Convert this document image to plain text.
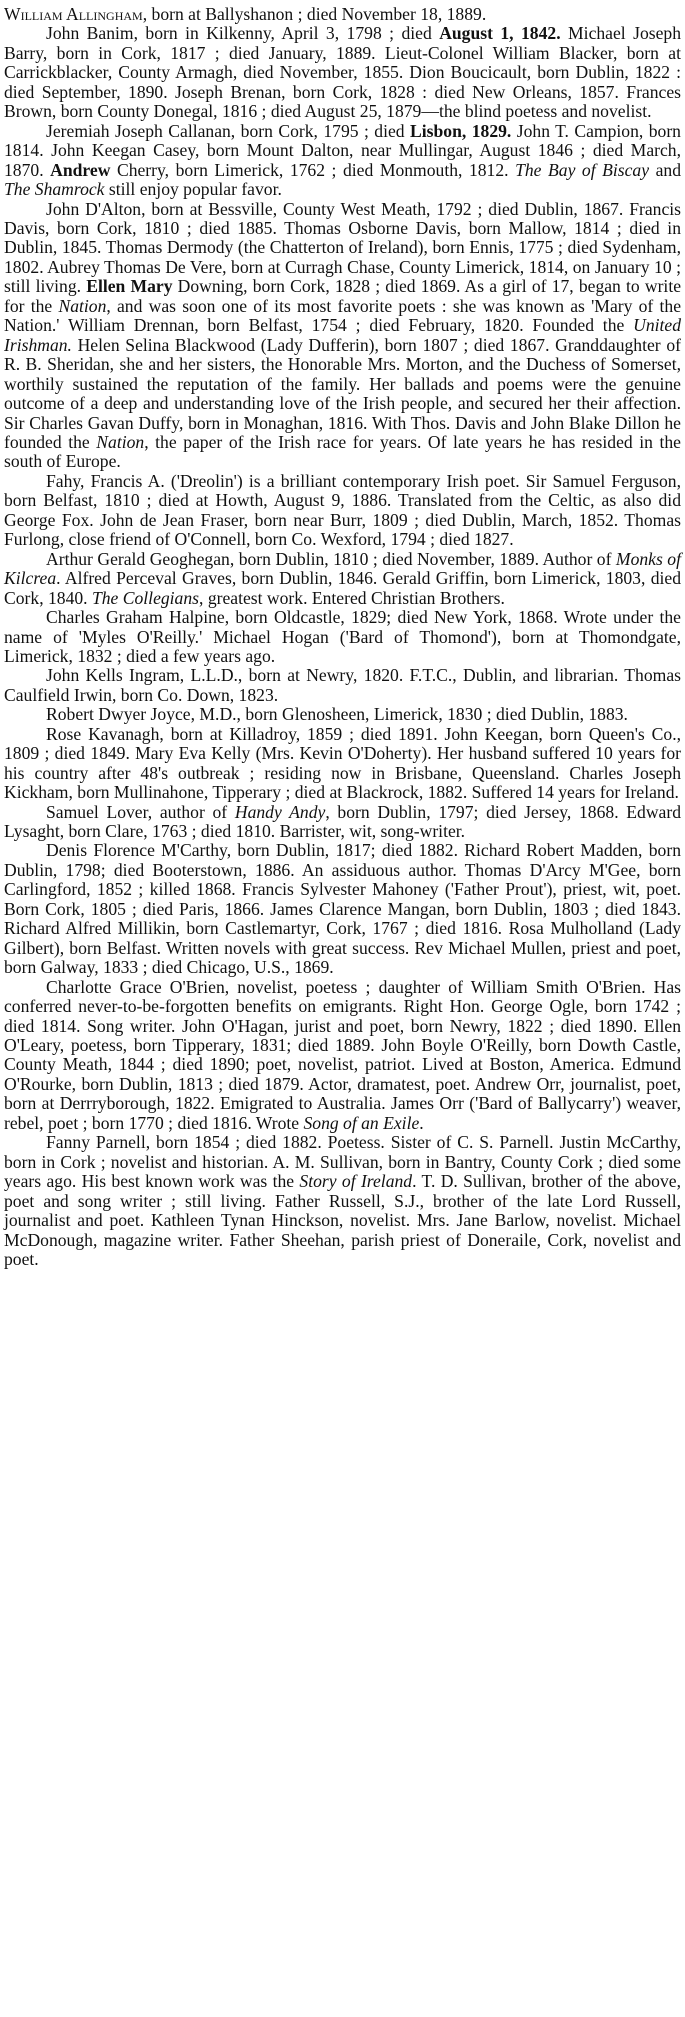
William Allingham, born at Ballyshanon ; died November 18, 1889.

John Banim, born in Kilkenny, April 3, 1798 ; died August 1, 1842. Michael Joseph Barry, born in Cork, 1817 ; died January, 1889. Lieut-Colonel William Blacker, born at Carrickblacker, County Armagh, died November, 1855. Dion Boucicault, born Dublin, 1822 : died September, 1890. Joseph Brenan, born Cork, 1828 : died New Orleans, 1857. Frances Brown, born County Donegal, 1816 ; died August 25, 1879—the blind poetess and novelist.

Jeremiah Joseph Callanan, born Cork, 1795 ; died Lisbon, 1829. John T. Campion, born 1814. John Keegan Casey, born Mount Dalton, near Mullingar, August 1846 ; died March, 1870. Andrew Cherry, born Limerick, 1762 ; died Monmouth, 1812. The Bay of Biscay and The Shamrock still enjoy popular favor.

John D'Alton, born at Bessville, County West Meath, 1792 ; died Dublin, 1867. Francis Davis, born Cork, 1810 ; died 1885. Thomas Osborne Davis, born Mallow, 1814 ; died in Dublin, 1845. Thomas Dermody (the Chatterton of Ireland), born Ennis, 1775 ; died Sydenham, 1802. Aubrey Thomas De Vere, born at Curragh Chase, County Limerick, 1814, on January 10 ; still living. Ellen Mary Downing, born Cork, 1828 ; died 1869. As a girl of 17, began to write for the Nation, and was soon one of its most favorite poets : she was known as 'Mary of the Nation.' William Drennan, born Belfast, 1754 ; died February, 1820. Founded the United Irishman. Helen Selina Blackwood (Lady Dufferin), born 1807 ; died 1867. Granddaughter of R. B. Sheridan, she and her sisters, the Honorable Mrs. Morton, and the Duchess of Somerset, worthily sustained the reputation of the family. Her ballads and poems were the genuine outcome of a deep and understanding love of the Irish people, and secured her their affection. Sir Charles Gavan Duffy, born in Monaghan, 1816. With Thos. Davis and John Blake Dillon he founded the Nation, the paper of the Irish race for years. Of late years he has resided in the south of Europe.

Fahy, Francis A. ('Dreolin') is a brilliant contemporary Irish poet. Sir Samuel Ferguson, born Belfast, 1810 ; died at Howth, August 9, 1886. Translated from the Celtic, as also did George Fox. John de Jean Fraser, born near Burr, 1809 ; died Dublin, March, 1852. Thomas Furlong, close friend of O'Connell, born Co. Wexford, 1794 ; died 1827.

Arthur Gerald Geoghegan, born Dublin, 1810 ; died November, 1889. Author of Monks of Kilcrea. Alfred Perceval Graves, born Dublin, 1846. Gerald Griffin, born Limerick, 1803, died Cork, 1840. The Collegians, greatest work. Entered Christian Brothers.

Charles Graham Halpine, born Oldcastle, 1829; died New York, 1868. Wrote under the name of 'Myles O'Reilly.' Michael Hogan ('Bard of Thomond'), born at Thomondgate, Limerick, 1832 ; died a few years ago.

John Kells Ingram, L.L.D., born at Newry, 1820. F.T.C., Dublin, and librarian. Thomas Caulfield Irwin, born Co. Down, 1823.

Robert Dwyer Joyce, M.D., born Glenosheen, Limerick, 1830 ; died Dublin, 1883.

Rose Kavanagh, born at Killadroy, 1859 ; died 1891. John Keegan, born Queen's Co., 1809 ; died 1849. Mary Eva Kelly (Mrs. Kevin O'Doherty). Her husband suffered 10 years for his country after 48's outbreak ; residing now in Brisbane, Queensland. Charles Joseph Kickham, born Mullinahone, Tipperary ; died at Blackrock, 1882. Suffered 14 years for Ireland.

Samuel Lover, author of Handy Andy, born Dublin, 1797; died Jersey, 1868. Edward Lysaght, born Clare, 1763 ; died 1810. Barrister, wit, song-writer.

Denis Florence M'Carthy, born Dublin, 1817; died 1882. Richard Robert Madden, born Dublin, 1798; died Booterstown, 1886. An assiduous author. Thomas D'Arcy M'Gee, born Carlingford, 1852 ; killed 1868. Francis Sylvester Mahoney ('Father Prout'), priest, wit, poet. Born Cork, 1805 ; died Paris, 1866. James Clarence Mangan, born Dublin, 1803 ; died 1843. Richard Alfred Millikin, born Castlemartyr, Cork, 1767 ; died 1816. Rosa Mulholland (Lady Gilbert), born Belfast. Written novels with great success. Rev Michael Mullen, priest and poet, born Galway, 1833 ; died Chicago, U.S., 1869.

Charlotte Grace O'Brien, novelist, poetess ; daughter of William Smith O'Brien. Has conferred never-to-be-forgotten benefits on emigrants. Right Hon. George Ogle, born 1742 ; died 1814. Song writer. John O'Hagan, jurist and poet, born Newry, 1822 ; died 1890. Ellen O'Leary, poetess, born Tipperary, 1831; died 1889. John Boyle O'Reilly, born Dowth Castle, County Meath, 1844 ; died 1890; poet, novelist, patriot. Lived at Boston, America. Edmund O'Rourke, born Dublin, 1813 ; died 1879. Actor, dramatest, poet. Andrew Orr, journalist, poet, born at Derrryborough, 1822. Emigrated to Australia. James Orr ('Bard of Ballycarry') weaver, rebel, poet ; born 1770 ; died 1816. Wrote Song of an Exile.

Fanny Parnell, born 1854 ; died 1882. Poetess. Sister of C. S. Parnell. Justin McCarthy, born in Cork ; novelist and historian. A. M. Sullivan, born in Bantry, County Cork ; died some years ago. His best known work was the Story of Ireland. T. D. Sullivan, brother of the above, poet and song writer ; still living. Father Russell, S.J., brother of the late Lord Russell, journalist and poet. Kathleen Tynan Hinckson, novelist. Mrs. Jane Barlow, novelist. Michael McDonough, magazine writer. Father Sheehan, parish priest of Doneraile, Cork, novelist and poet.
